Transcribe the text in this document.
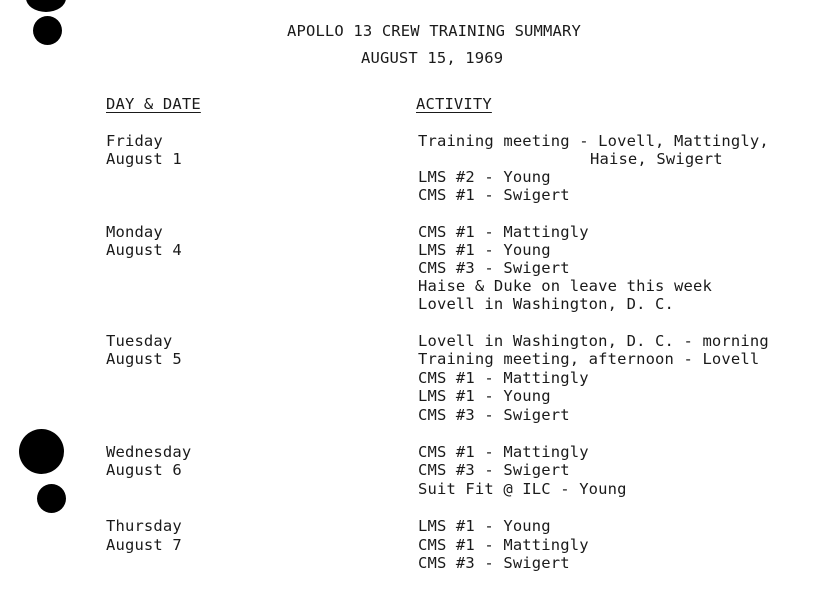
APOLLO 13 CREW TRAINING SUMMARY
AUGUST 15, 1969
DAY & DATE	ACTIVITY
Friday
August 1
Training meeting - Lovell, Mattingly,
Haise, Swigert
LMS #2 - Young
CMS #1 - Swigert
Monday
August 4
CMS #1 - Mattingly
LMS #1 - Young
CMS #3 - Swigert
Haise & Duke on leave this week
Lovell in Washington, D. C.
Tuesday
August 5
Lovell in Washington, D. C. - morning
Training meeting, afternoon - Lovell
CMS #1 - Mattingly
LMS #1 - Young
CMS #3 - Swigert
Wednesday
August 6
CMS #1 - Mattingly
CMS #3 - Swigert
Suit Fit @ ILC - Young
Thursday
August 7
LMS #1 - Young
CMS #1 - Mattingly
CMS #3 - Swigert
